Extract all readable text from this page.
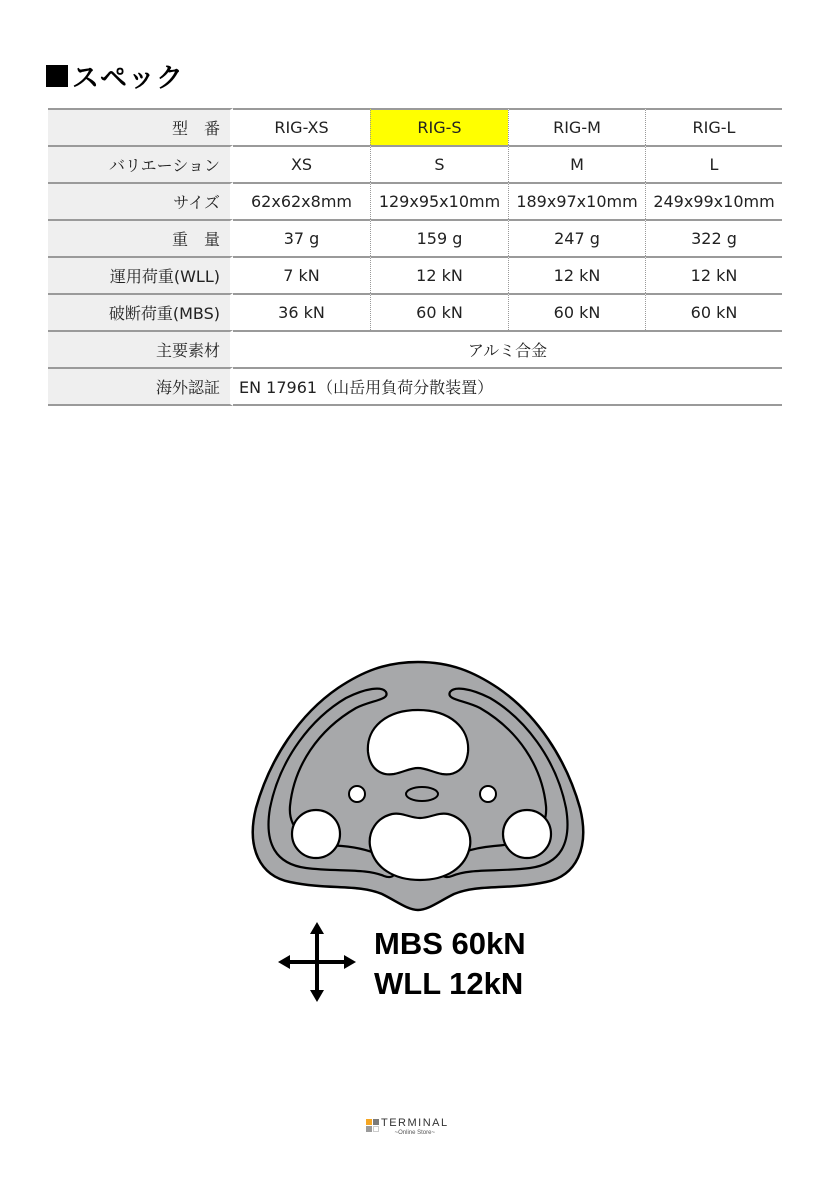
スペック
型　番	RIG-XS	RIG-S	RIG-M	RIG-L
バリエーション	XS	S	M	L
サイズ	62x62x8mm	129x95x10mm	189x97x10mm	249x99x10mm
重　量	37 g	159 g	247 g	322 g
運用荷重(WLL)	7 kN	12 kN	12 kN	12 kN
破断荷重(MBS)	36 kN	60 kN	60 kN	60 kN
主要素材	アルミ合金			
海外認証	EN 17961（山岳用負荷分散装置）			
MBS 60kN
WLL 12kN
TERMINAL
~Online Store~
